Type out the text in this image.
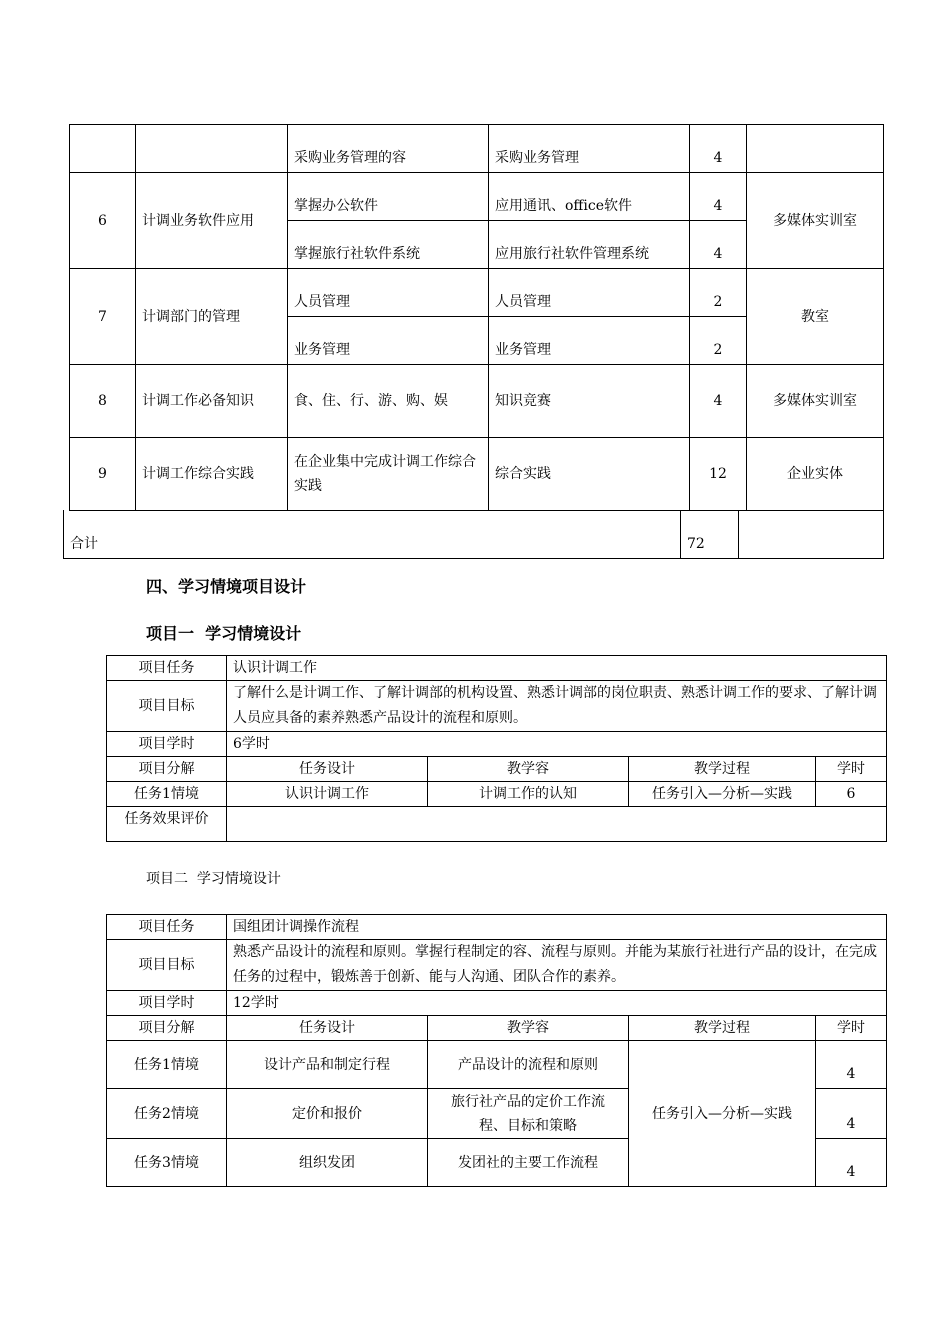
		采购业务管理的容	采购业务管理	4	
6	计调业务软件应用	掌握办公软件	应用通讯、office软件	4	多媒体实训室
		掌握旅行社软件系统	应用旅行社软件管理系统	4	
7	计调部门的管理	人员管理	人员管理	2	教室
		业务管理	业务管理	2	
8	计调工作必备知识	食、住、行、游、购、娱	知识竞赛	4	多媒体实训室
9	计调工作综合实践	在企业集中完成计调工作综合实践	综合实践	12	企业实体
合计	72	
四、学习情境项目设计
项目一  学习情境设计
项目任务	认识计调工作			
项目目标	了解什么是计调工作、了解计调部的机构设置、熟悉计调部的岗位职责、熟悉计调工作的要求、了解计调人员应具备的素养熟悉产品设计的流程和原则。			
项目学时	6学时			
项目分解	任务设计	教学容	教学过程	学时
任务1情境	认识计调工作	计调工作的认知	任务引入—分析—实践	6
任务效果评价				
项目二  学习情境设计
项目任务	国组团计调操作流程			
项目目标	熟悉产品设计的流程和原则。掌握行程制定的容、流程与原则。并能为某旅行社进行产品的设计，在完成任务的过程中，锻炼善于创新、能与人沟通、团队合作的素养。			
项目学时	12学时			
项目分解	任务设计	教学容	教学过程	学时
任务1情境	设计产品和制定行程	产品设计的流程和原则	任务引入—分析—实践	4
任务2情境	定价和报价	旅行社产品的定价工作流程、目标和策略		4
任务3情境	组织发团	发团社的主要工作流程		4
